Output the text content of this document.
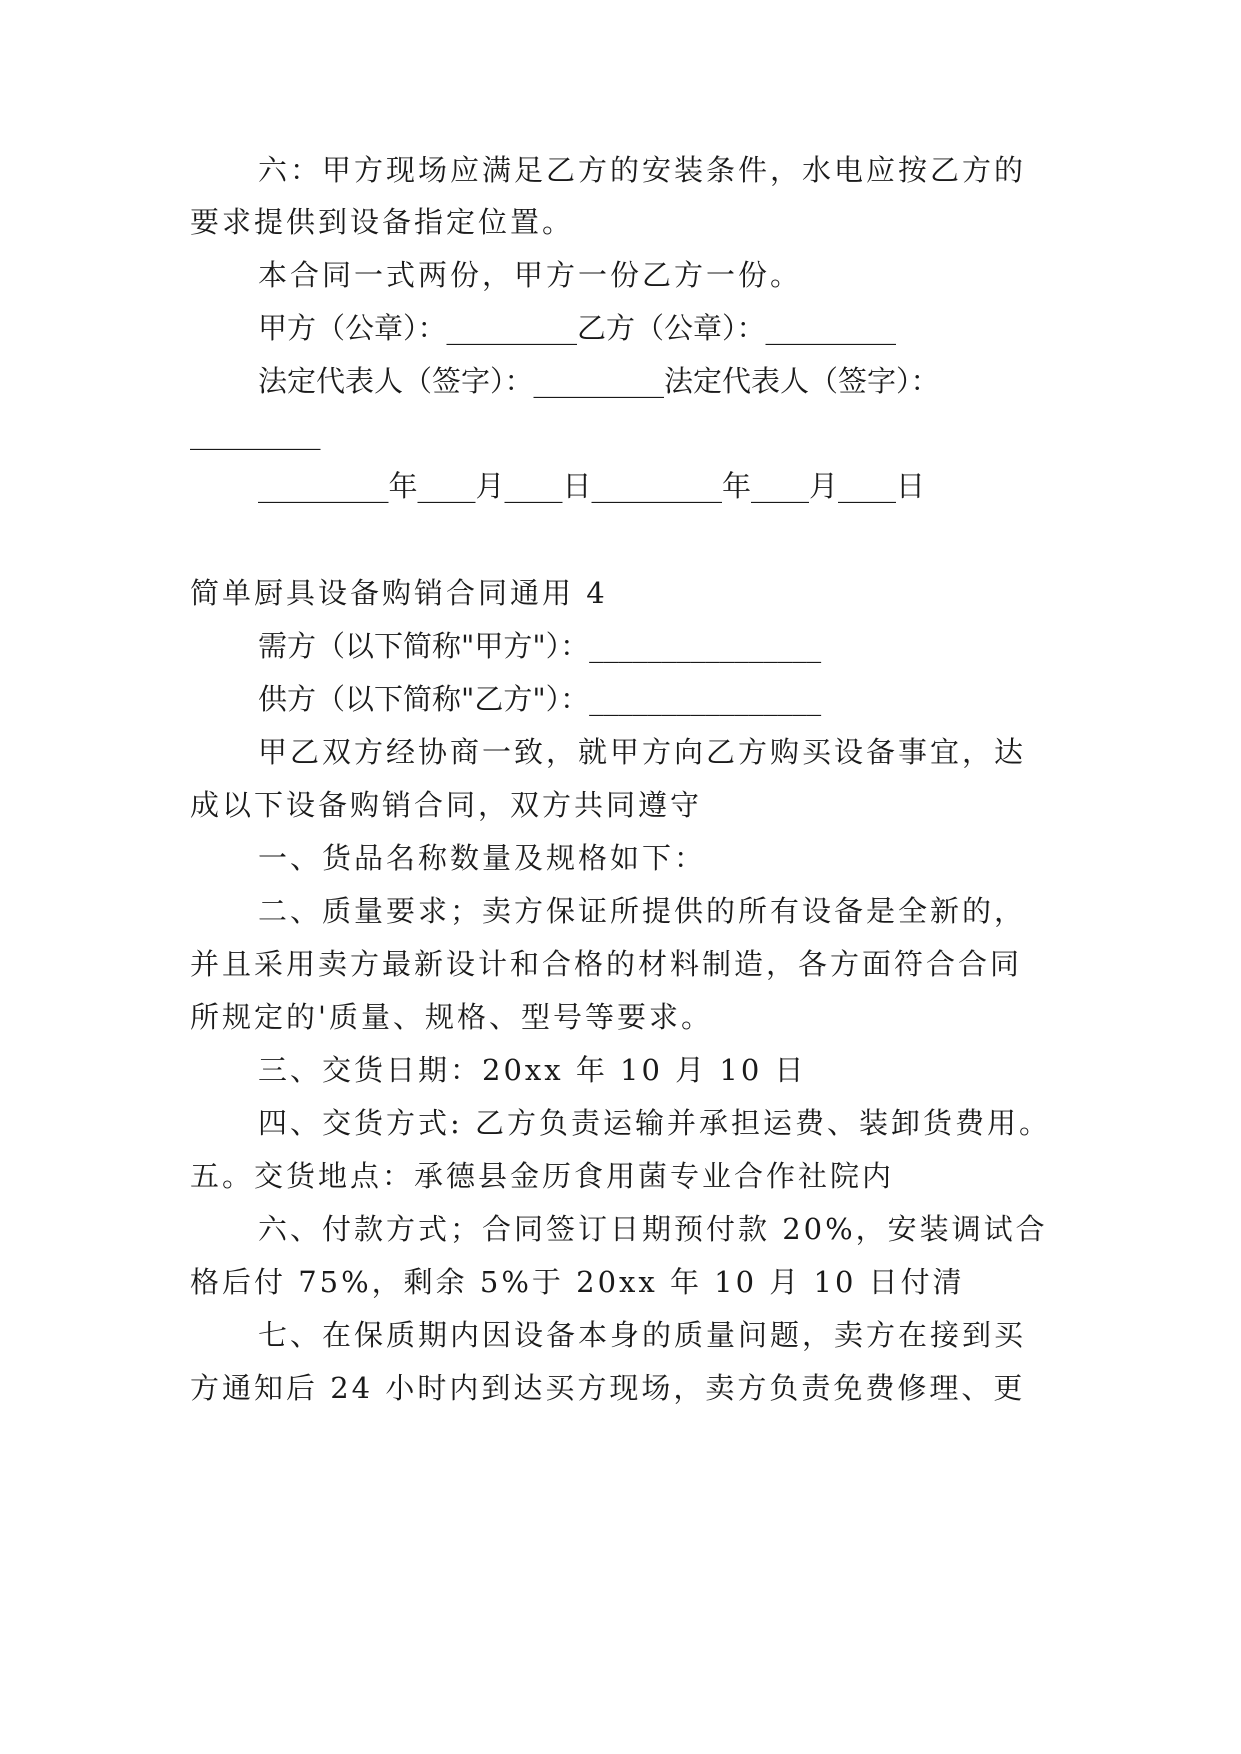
六：甲方现场应满足乙方的安装条件，水电应按乙方的
要求提供到设备指定位置。
本合同一式两份，甲方一份乙方一份。
甲方（公章）：_________乙方（公章）：_________
法定代表人（签字）：_________法定代表人（签字）：
_________
_________年____月____日_________年____月____日
简单厨具设备购销合同通用 4
需方（以下简称"甲方"）：________________
供方（以下简称"乙方"）：________________
甲乙双方经协商一致，就甲方向乙方购买设备事宜，达
成以下设备购销合同，双方共同遵守
一、货品名称数量及规格如下：
二、质量要求；卖方保证所提供的所有设备是全新的，
并且采用卖方最新设计和合格的材料制造，各方面符合合同
所规定的'质量、规格、型号等要求。
三、交货日期：20xx 年 10 月 10 日
四、交货方式: 乙方负责运输并承担运费、装卸货费用。
五。交货地点：承德县金历食用菌专业合作社院内
六、付款方式；合同签订日期预付款 20%，安装调试合
格后付 75%，剩余 5%于 20xx 年 10 月 10 日付清
七、在保质期内因设备本身的质量问题，卖方在接到买
方通知后 24 小时内到达买方现场，卖方负责免费修理、更
